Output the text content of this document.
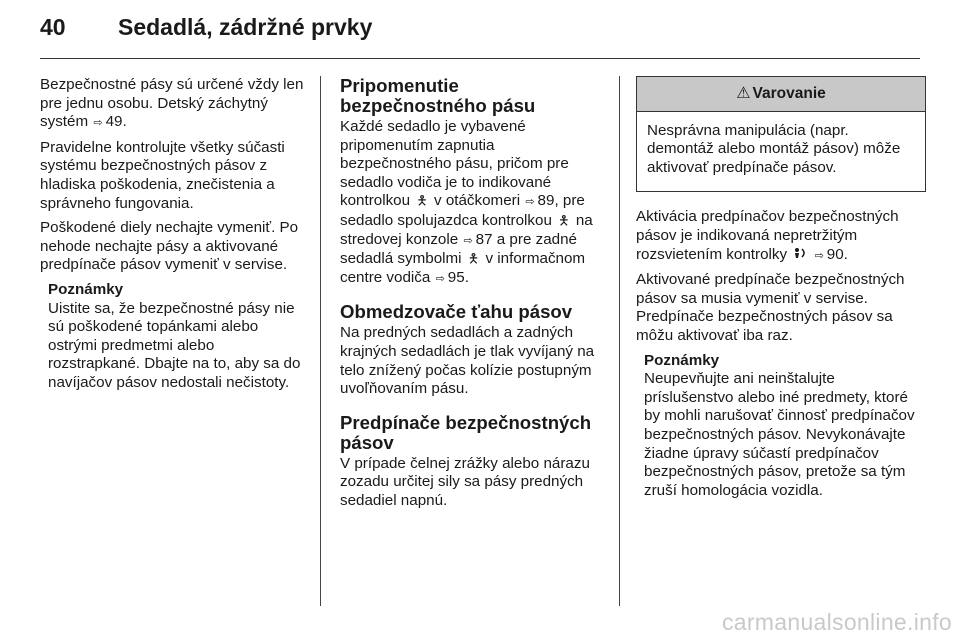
40	Sedadlá, zádržné prvky

Bezpečnostné pásy sú určené vždy len pre jednu osobu. Detský záchytný systém ⇨ 49.

Pravidelne kontrolujte všetky súčasti systému bezpečnostných pásov z hladiska poškodenia, znečistenia a správneho fungovania.

Poškodené diely nechajte vymeniť. Po nehode nechajte pásy a aktivované predpínače pásov vymeniť v servise.

Poznámky
Uistite sa, že bezpečnostné pásy nie sú poškodené topánkami alebo ostrými predmetmi alebo rozstrapkané. Dbajte na to, aby sa do navíjačov pásov nedostali nečistoty.
Pripomenutie bezpečnostného pásu

Každé sedadlo je vybavené pripomenutím zapnutia bezpečnostného pásu, pričom pre sedadlo vodiča je to indikované kontrolkou 🯅 v otáčkomeri ⇨ 89, pre sedadlo spolujazdca kontrolkou 🯅 na stredovej konzole ⇨ 87 a pre zadné sedadlá symbolmi 🯅 v informačnom centre vodiča ⇨ 95.

Obmedzovače ťahu pásov

Na predných sedadlách a zadných krajných sedadlách je tlak vyvíjaný na telo znížený počas kolízie postupným uvoľňovaním pásu.

Predpínače bezpečnostných pásov

V prípade čelnej zrážky alebo nárazu zozadu určitej sily sa pásy predných sedadiel napnú.

⚠ Varovanie
Nesprávna manipulácia (napr. demontáž alebo montáž pásov) môže aktivovať predpínače pásov.

Aktivácia predpínačov bezpečnostných pásov je indikovaná nepretržitým rozsvietením kontrolky	⇨ 90.

Aktivované predpínače bezpečnostných pásov sa musia vymeniť v servise. Predpínače bezpečnostných pásov sa môžu aktivovať iba raz.

Poznámky
Neupevňujte ani neinštalujte príslušenstvo alebo iné predmety, ktoré by mohli narušovať činnosť predpínačov bezpečnostných pásov. Nevykonávajte žiadne úpravy súčastí predpínačov bezpečnostných pásov, pretože sa tým zruší homologácia vozidla.
carmanualsonline.info
